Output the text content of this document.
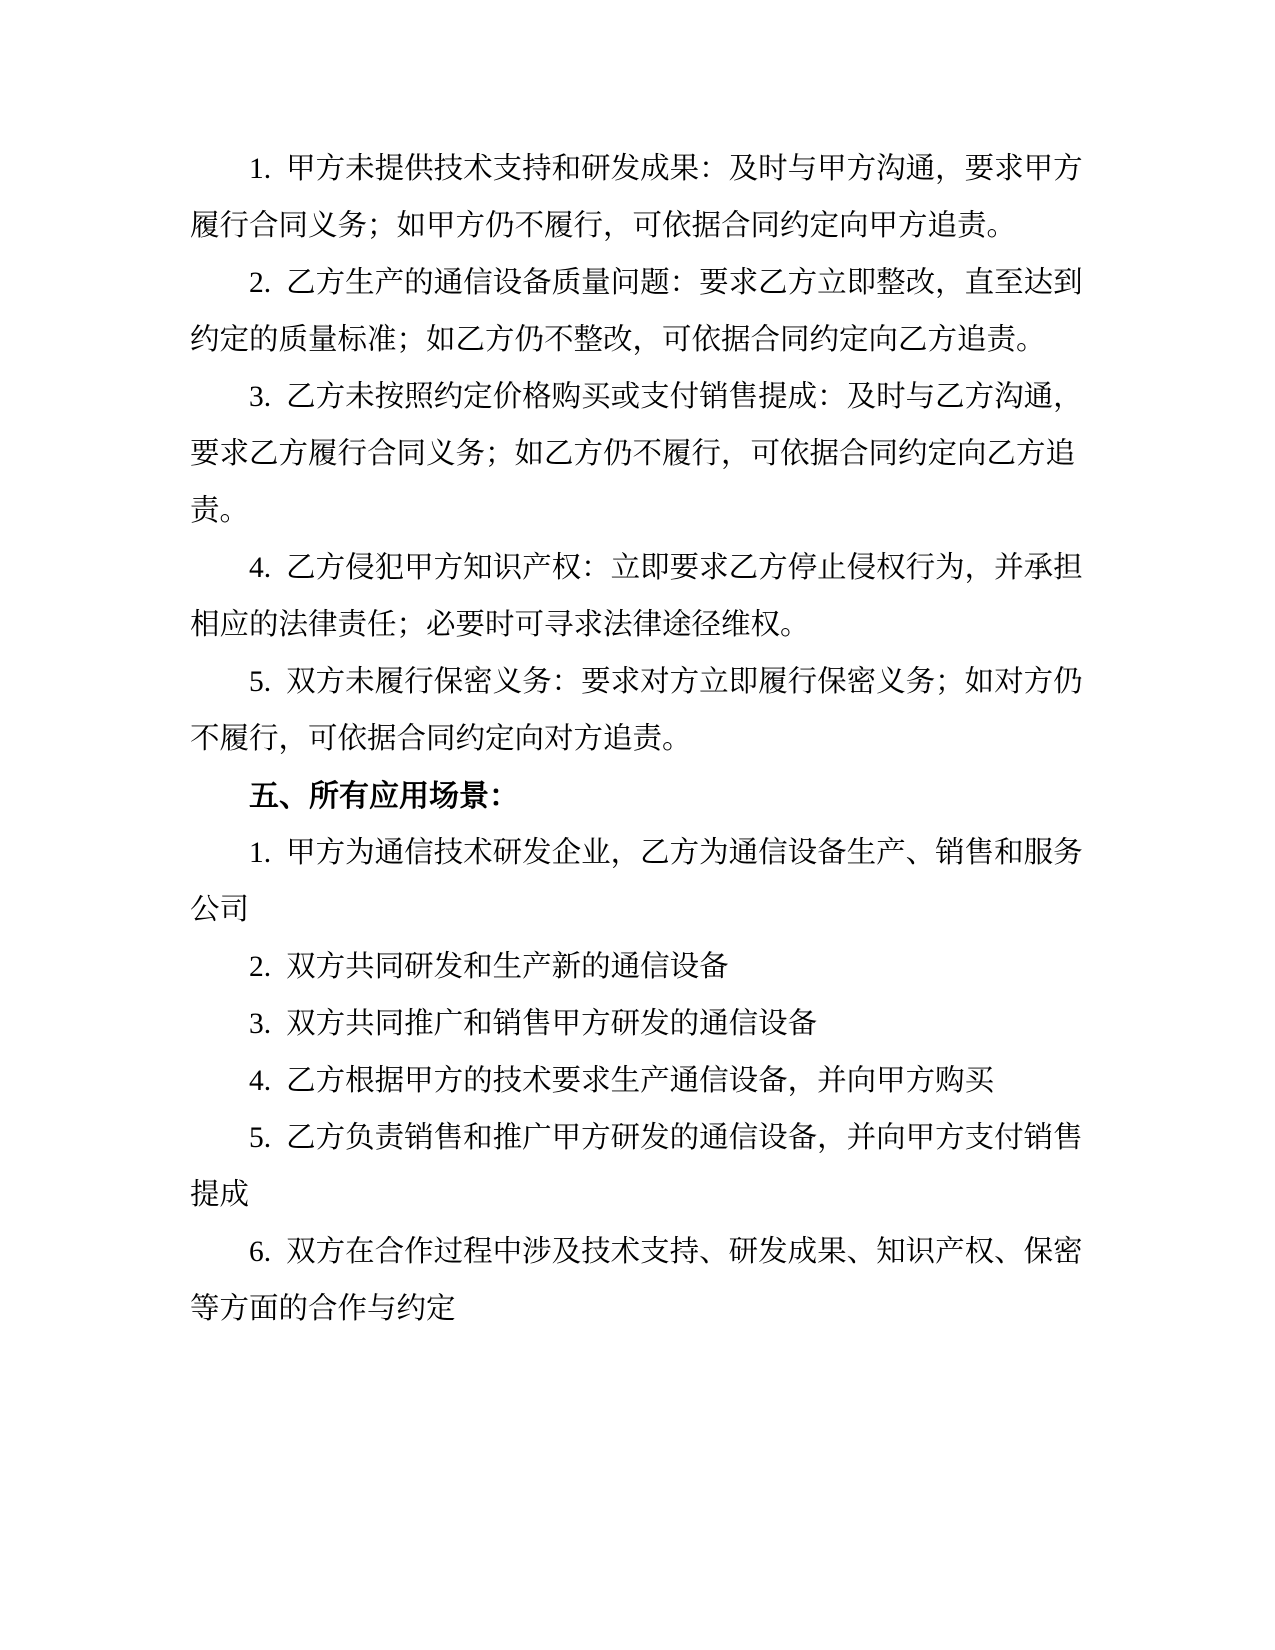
1. 甲方未提供技术支持和研发成果：及时与甲方沟通，要求甲方
履行合同义务；如甲方仍不履行，可依据合同约定向甲方追责。
2. 乙方生产的通信设备质量问题：要求乙方立即整改，直至达到
约定的质量标准；如乙方仍不整改，可依据合同约定向乙方追责。
3. 乙方未按照约定价格购买或支付销售提成：及时与乙方沟通，
要求乙方履行合同义务；如乙方仍不履行，可依据合同约定向乙方追
责。
4. 乙方侵犯甲方知识产权：立即要求乙方停止侵权行为，并承担
相应的法律责任；必要时可寻求法律途径维权。
5. 双方未履行保密义务：要求对方立即履行保密义务；如对方仍
不履行，可依据合同约定向对方追责。
五、所有应用场景：
1. 甲方为通信技术研发企业，乙方为通信设备生产、销售和服务
公司
2. 双方共同研发和生产新的通信设备
3. 双方共同推广和销售甲方研发的通信设备
4. 乙方根据甲方的技术要求生产通信设备，并向甲方购买
5. 乙方负责销售和推广甲方研发的通信设备，并向甲方支付销售
提成
6. 双方在合作过程中涉及技术支持、研发成果、知识产权、保密
等方面的合作与约定
